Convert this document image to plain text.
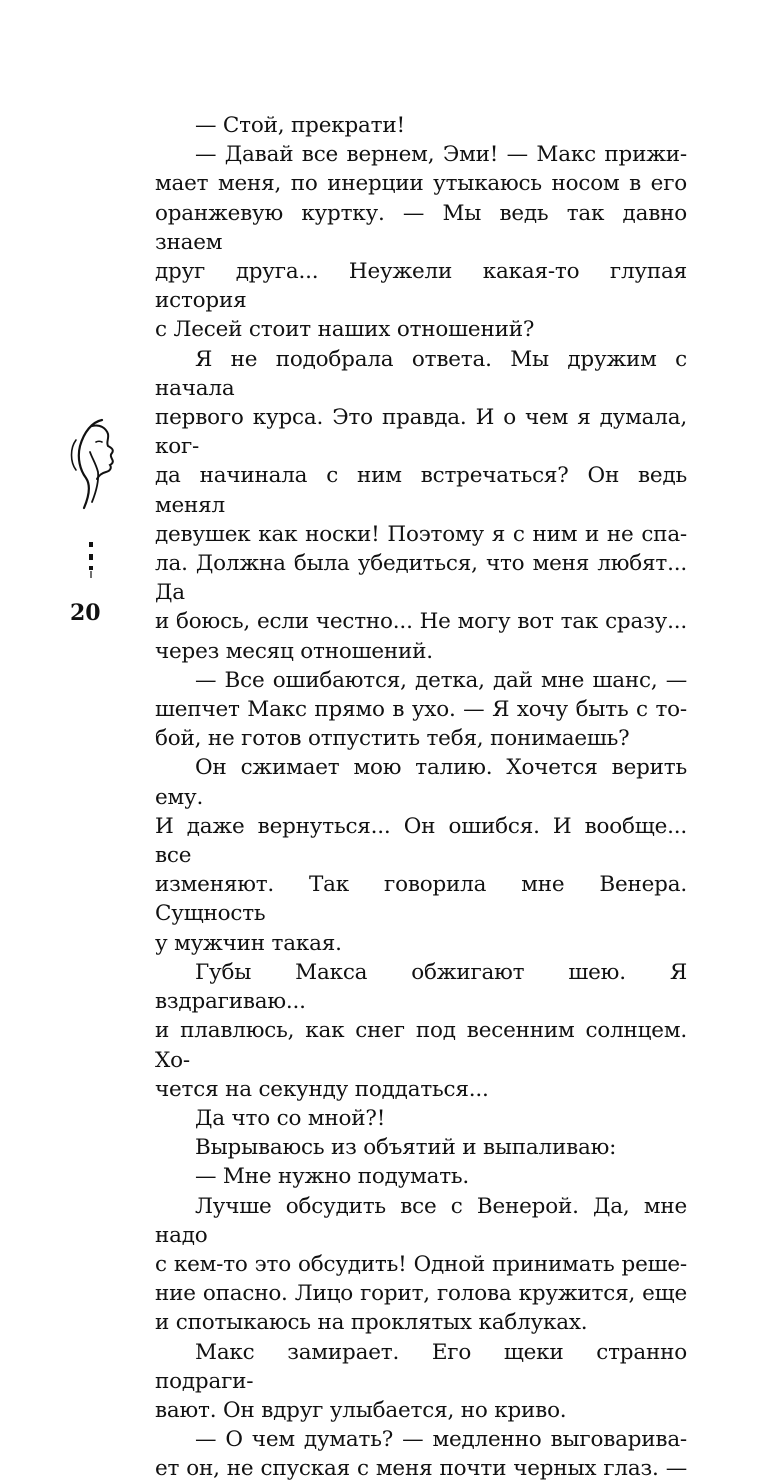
20

— Стой, прекрати!

— Давай все вернем, Эми! — Макс прижи-
мает меня, по инерции утыкаюсь носом в его
оранжевую куртку. — Мы ведь так давно знаем
друг друга... Неужели какая-то глупая история
с Лесей стоит наших отношений?

Я не подобрала ответа. Мы дружим с начала
первого курса. Это правда. И о чем я думала, ког-
да начинала с ним встречаться? Он ведь менял
девушек как носки! Поэтому я с ним и не спа-
ла. Должна была убедиться, что меня любят... Да
и боюсь, если честно... Не могу вот так сразу...
через месяц отношений.

— Все ошибаются, детка, дай мне шанс, —
шепчет Макс прямо в ухо. — Я хочу быть с то-
бой, не готов отпустить тебя, понимаешь?

Он сжимает мою талию. Хочется верить ему.
И даже вернуться... Он ошибся. И вообще... все
изменяют. Так говорила мне Венера. Сущность
у мужчин такая.

Губы Макса обжигают шею. Я вздрагиваю...
и плавлюсь, как снег под весенним солнцем. Хо-
чется на секунду поддаться...

Да что со мной?!

Вырываюсь из объятий и выпаливаю:

— Мне нужно подумать.

Лучше обсудить все с Венерой. Да, мне надо
с кем-то это обсудить! Одной принимать реше-
ние опасно. Лицо горит, голова кружится, еще
и спотыкаюсь на проклятых каблуках.

Макс замирает. Его щеки странно подраги-
вают. Он вдруг улыбается, но криво.

— О чем думать? — медленно выговарива-
ет он, не спуская с меня почти черных глаз. —
